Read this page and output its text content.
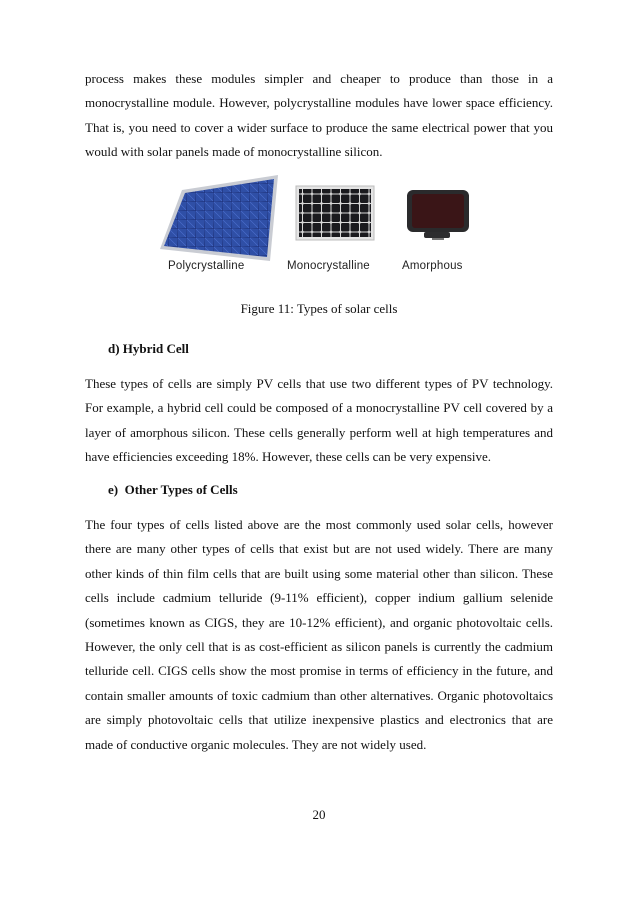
process makes these modules simpler and cheaper to produce than those in a monocrystalline module. However, polycrystalline modules have lower space efficiency. That is, you need to cover a wider surface to produce the same electrical power that you would with solar panels made of monocrystalline silicon.

Polycrystalline	Monocrystalline	Amorphous
Figure 11: Types of solar cells
d) Hybrid Cell

These types of cells are simply PV cells that use two different types of PV technology. For example, a hybrid cell could be composed of a monocrystalline PV cell covered by a layer of amorphous silicon. These cells generally perform well at high temperatures and have efficiencies exceeding 18%. However, these cells can be very expensive.

e)  Other Types of Cells

The four types of cells listed above are the most commonly used solar cells, however there are many other types of cells that exist but are not used widely. There are many other kinds of thin film cells that are built using some material other than silicon. These cells include cadmium telluride (9-11% efficient), copper indium gallium selenide (sometimes known as CIGS, they are 10-12% efficient), and organic photovoltaic cells. However, the only cell that is as cost-efficient as silicon panels is currently the cadmium telluride cell. CIGS cells show the most promise in terms of efficiency in the future, and contain smaller amounts of toxic cadmium than other alternatives. Organic photovoltaics are simply photovoltaic cells that utilize inexpensive plastics and electronics that are made of conductive organic molecules. They are not widely used.

20
